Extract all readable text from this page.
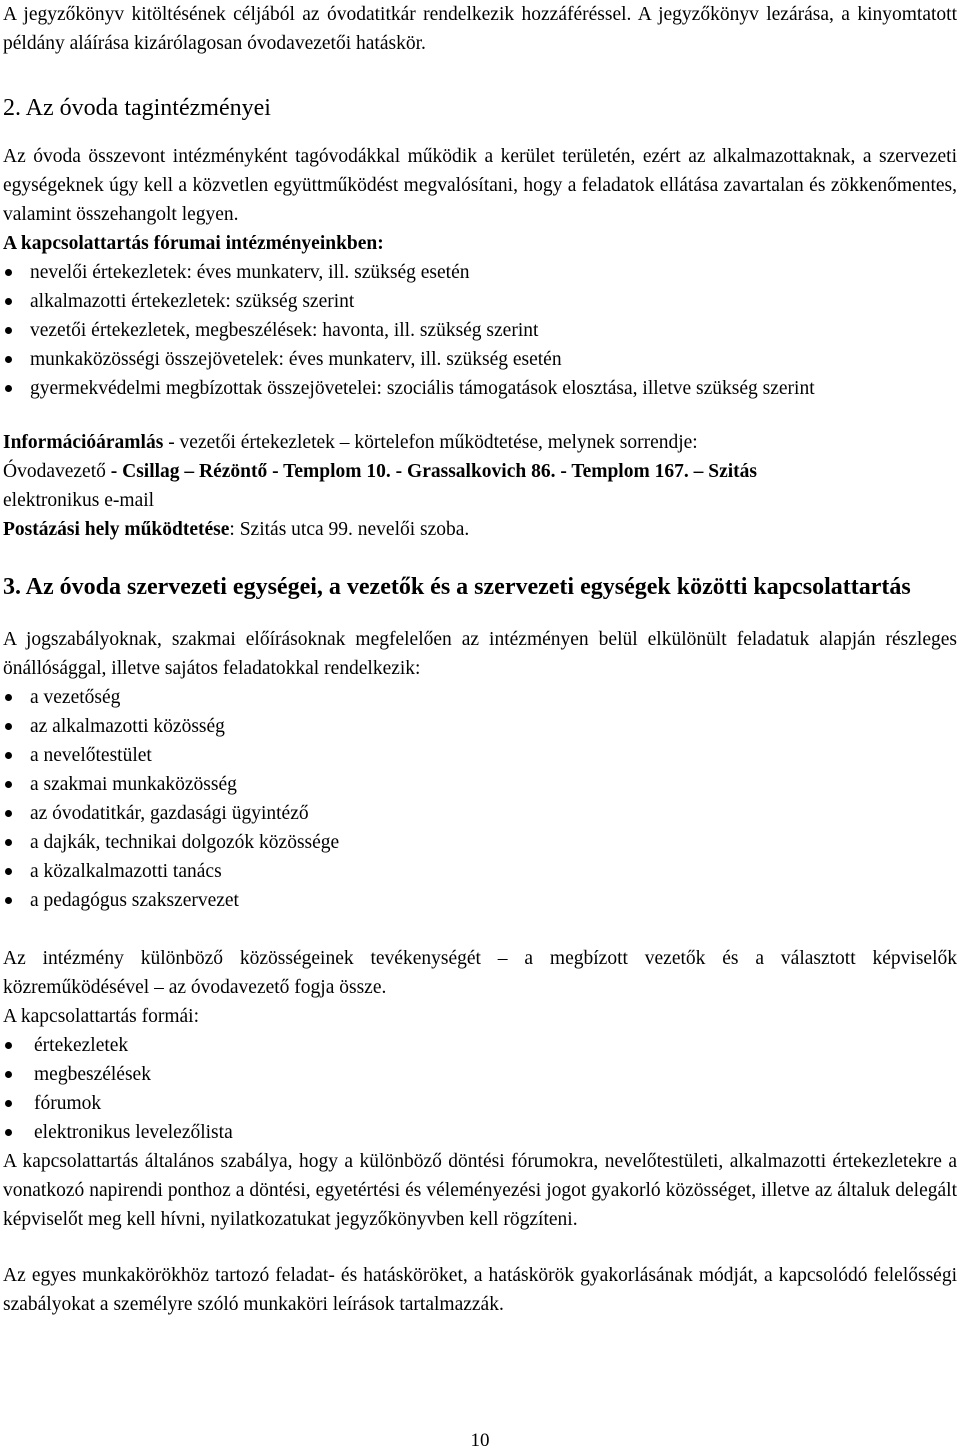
A jegyzőkönyv kitöltésének céljából az óvodatitkár rendelkezik hozzáféréssel. A jegyzőkönyv lezárása, a kinyomtatott példány aláírása kizárólagosan óvodavezetői hatáskör.

2. Az óvoda tagintézményei

Az óvoda összevont intézményként tagóvodákkal működik a kerület területén, ezért az alkalmazottaknak, a szervezeti egységeknek úgy kell a közvetlen együttműködést megvalósítani, hogy a feladatok ellátása zavartalan és zökkenőmentes, valamint összehangolt legyen.

A kapcsolattartás fórumai intézményeinkben:

nevelői értekezletek: éves munkaterv, ill. szükség esetén
alkalmazotti értekezletek: szükség szerint
vezetői értekezletek, megbeszélések: havonta, ill. szükség szerint
munkaközösségi összejövetelek: éves munkaterv, ill. szükség esetén
gyermekvédelmi megbízottak összejövetelei: szociális támogatások elosztása, illetve szükség szerint

Információáramlás - vezetői értekezletek – körtelefon működtetése, melynek sorrendje:

Óvodavezető - Csillag – Rézöntő - Templom 10. - Grassalkovich 86. - Templom 167. – Szitás

elektronikus e-mail

Postázási hely működtetése: Szitás utca 99. nevelői szoba.

3. Az óvoda szervezeti egységei, a vezetők és a szervezeti egységek közötti kapcsolattartás

A jogszabályoknak, szakmai előírásoknak megfelelően az intézményen belül elkülönült feladatuk alapján részleges önállósággal, illetve sajátos feladatokkal rendelkezik:

a vezetőség
az alkalmazotti közösség
a nevelőtestület
a szakmai munkaközösség
az óvodatitkár, gazdasági ügyintéző
a dajkák, technikai dolgozók közössége
a közalkalmazotti tanács
a pedagógus szakszervezet

Az intézmény különböző közösségeinek tevékenységét – a megbízott vezetők és a választott képviselők közreműködésével – az óvodavezető fogja össze.

A kapcsolattartás formái:

értekezletek
megbeszélések
fórumok
elektronikus levelezőlista

A kapcsolattartás általános szabálya, hogy a különböző döntési fórumokra, nevelőtestületi, alkalmazotti értekezletekre a vonatkozó napirendi ponthoz a döntési, egyetértési és véleményezési jogot gyakorló közösséget, illetve az általuk delegált képviselőt meg kell hívni, nyilatkozatukat jegyzőkönyvben kell rögzíteni.

Az egyes munkakörökhöz tartozó feladat- és hatásköröket, a hatáskörök gyakorlásának módját, a kapcsolódó felelősségi szabályokat a személyre szóló munkaköri leírások tartalmazzák.

10
